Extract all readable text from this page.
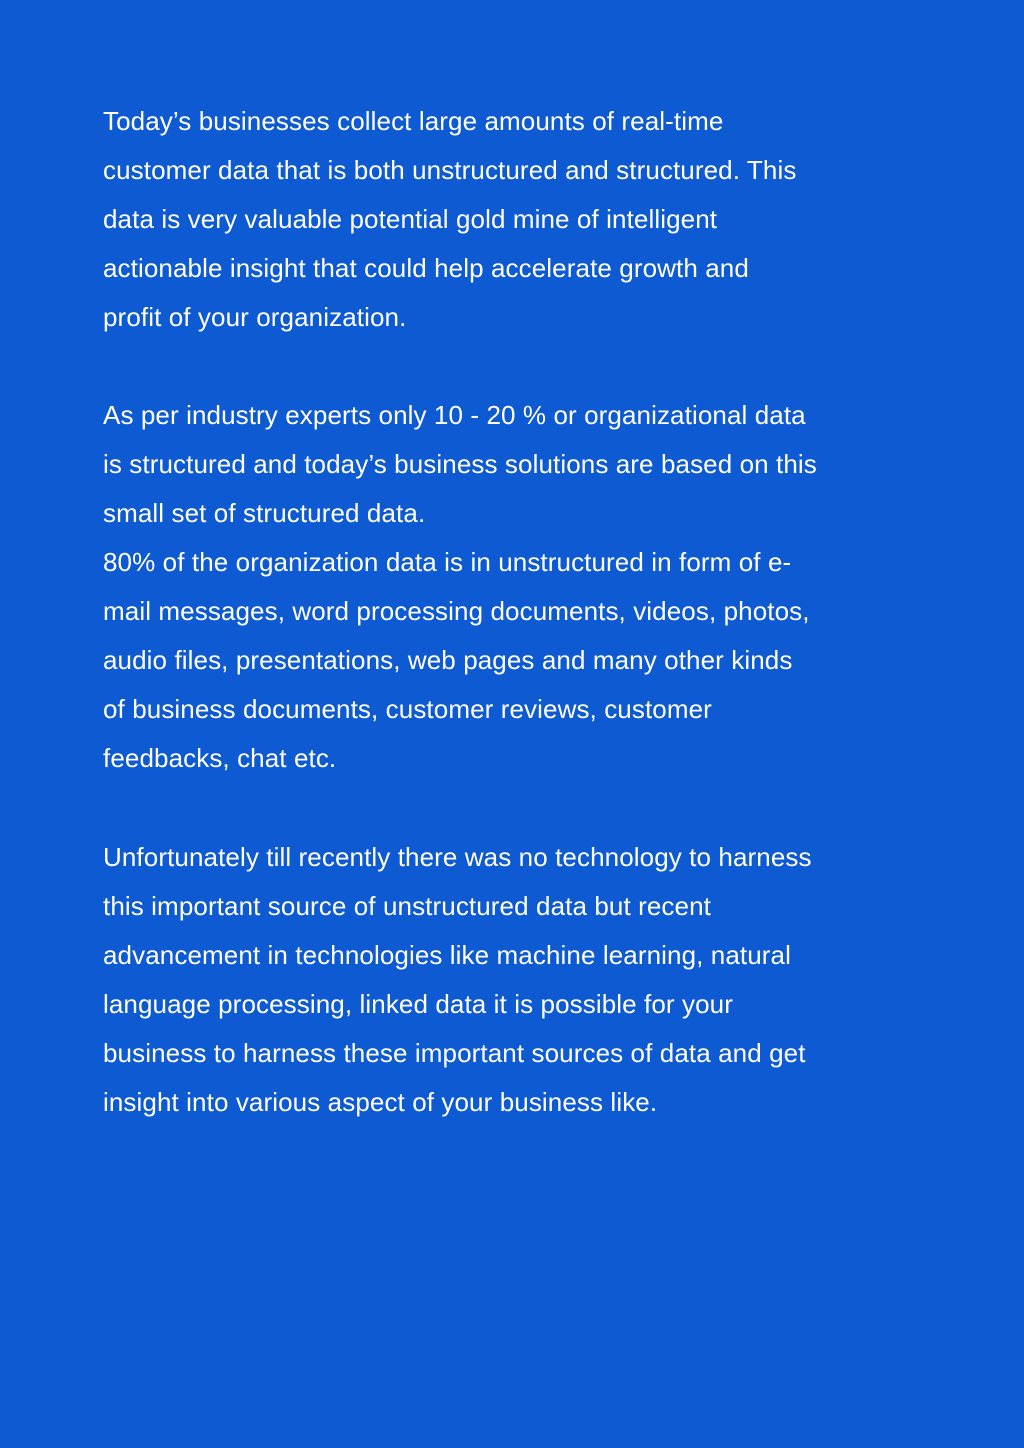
Today’s businesses collect large amounts of real-time
customer data that is both unstructured and structured. This
data is very valuable potential gold mine of intelligent
actionable insight that could help accelerate growth and
profit of your organization.
As per industry experts only 10 - 20 % or organizational data
is structured and today’s business solutions are based on this
small set of structured data.
80% of the organization data is in unstructured in form of e-
mail messages, word processing documents, videos, photos,
audio files, presentations, web pages and many other kinds
of business documents, customer reviews, customer
feedbacks, chat etc.
Unfortunately till recently there was no technology to harness
this important source of unstructured data but recent
advancement in technologies like machine learning, natural
language processing, linked data it is possible for your
business to harness these important sources of data and get
insight into various aspect of your business like.
